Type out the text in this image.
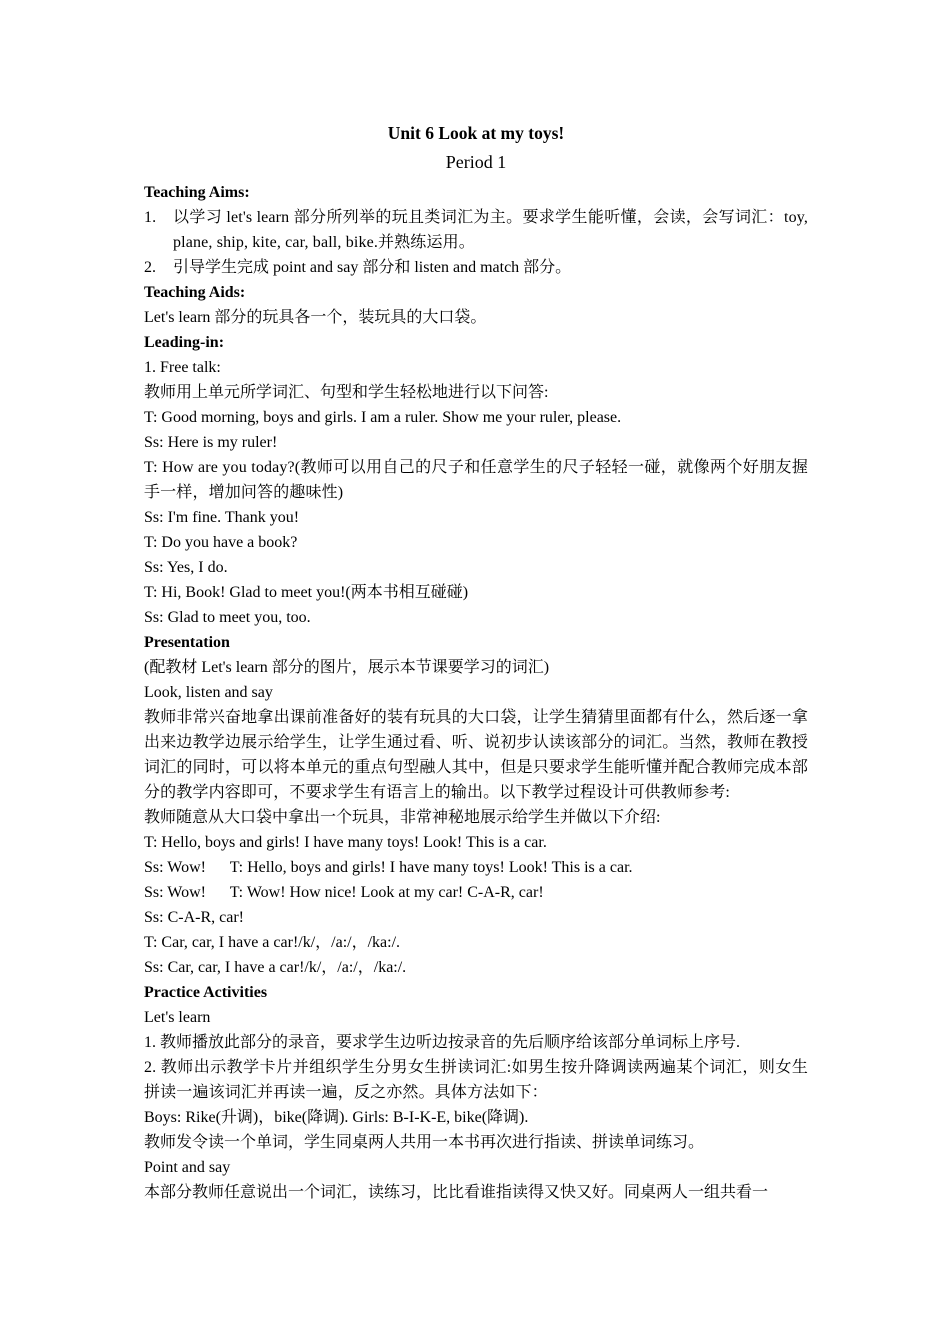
Unit 6 Look at my toys!
Period 1
Teaching Aims:
1. 以学习 let's learn 部分所列举的玩且类词汇为主。要求学生能听懂，会读，会写词汇：toy, plane, ship, kite, car, ball, bike.并熟练运用。
2. 引导学生完成 point and say 部分和 listen and match 部分。
Teaching Aids:
Let's learn 部分的玩具各一个，装玩具的大口袋。
Leading-in:
1. Free talk:
教师用上单元所学词汇、句型和学生轻松地进行以下问答:
T: Good morning, boys and girls. I am a ruler. Show me your ruler, please.
Ss: Here is my ruler!
T: How are you today?(教师可以用自己的尺子和任意学生的尺子轻轻一碰，就像两个好朋友握手一样，增加问答的趣味性)
Ss: I'm fine. Thank you!
T: Do you have a book?
Ss: Yes, I do.
T: Hi, Book! Glad to meet you!(两本书相互碰碰)
Ss: Glad to meet you, too.
Presentation
(配教材 Let's learn 部分的图片，展示本节课要学习的词汇)
Look, listen and say
教师非常兴奋地拿出课前准备好的装有玩具的大口袋，让学生猜猜里面都有什么，然后逐一拿出来边教学边展示给学生，让学生通过看、听、说初步认读该部分的词汇。当然，教师在教授词汇的同时，可以将本单元的重点句型融人其中，但是只要求学生能听懂并配合教师完成本部分的教学内容即可，不要求学生有语言上的输出。以下教学过程设计可供教师参考:
教师随意从大口袋中拿出一个玩具，非常神秘地展示给学生并做以下介绍:
T: Hello, boys and girls! I have many toys! Look! This is a car.
Ss: Wow!      T: Hello, boys and girls! I have many toys! Look! This is a car.
Ss: Wow!      T: Wow! How nice! Look at my car! C-A-R, car!
Ss: C-A-R, car!
T: Car, car, I have a car!/k/，/a:/，/ka:/.
Ss: Car, car, I have a car!/k/，/a:/，/ka:/.
Practice Activities
Let's learn
1. 教师播放此部分的录音，要求学生边听边按录音的先后顺序给该部分单词标上序号.
2. 教师出示教学卡片并组织学生分男女生拼读词汇:如男生按升降调读两遍某个词汇，则女生拼读一遍该词汇并再读一遍，反之亦然。具体方法如下：
Boys: Rike(升调)，bike(降调). Girls: B-I-K-E, bike(降调).
教师发令读一个单词，学生同桌两人共用一本书再次进行指读、拼读单词练习。
Point and say
本部分教师任意说出一个词汇，读练习，比比看谁指读得又快又好。同桌两人一组共看一
